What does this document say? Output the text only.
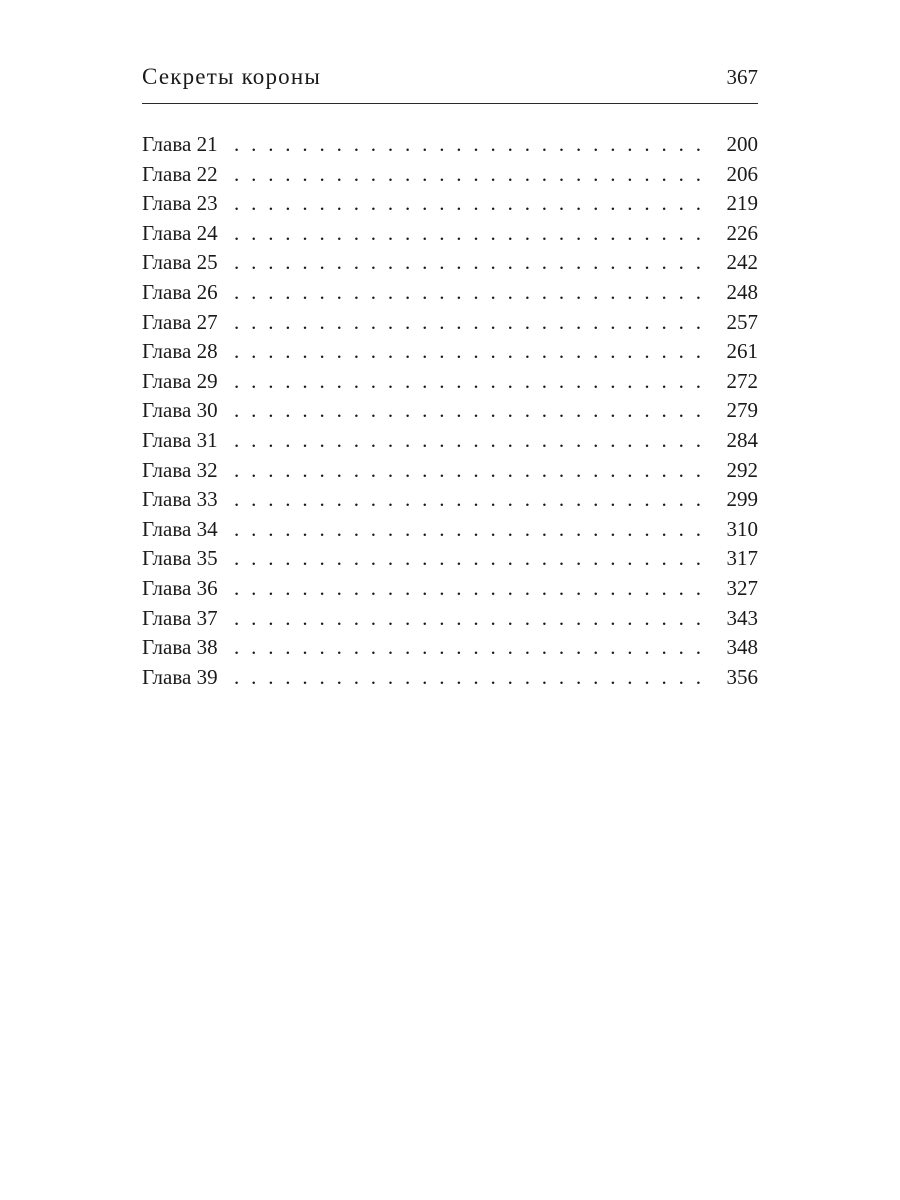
Секреты короны	367
Глава 21 . . .	200
Глава 22 . . .	206
Глава 23 . . .	219
Глава 24 . . .	226
Глава 25 . . .	242
Глава 26 . . .	248
Глава 27 . . .	257
Глава 28 . . .	261
Глава 29 . . .	272
Глава 30 . . .	279
Глава 31 . . .	284
Глава 32 . . .	292
Глава 33 . . .	299
Глава 34 . . .	310
Глава 35 . . .	317
Глава 36 . . .	327
Глава 37 . . .	343
Глава 38 . . .	348
Глава 39 . . .	356
